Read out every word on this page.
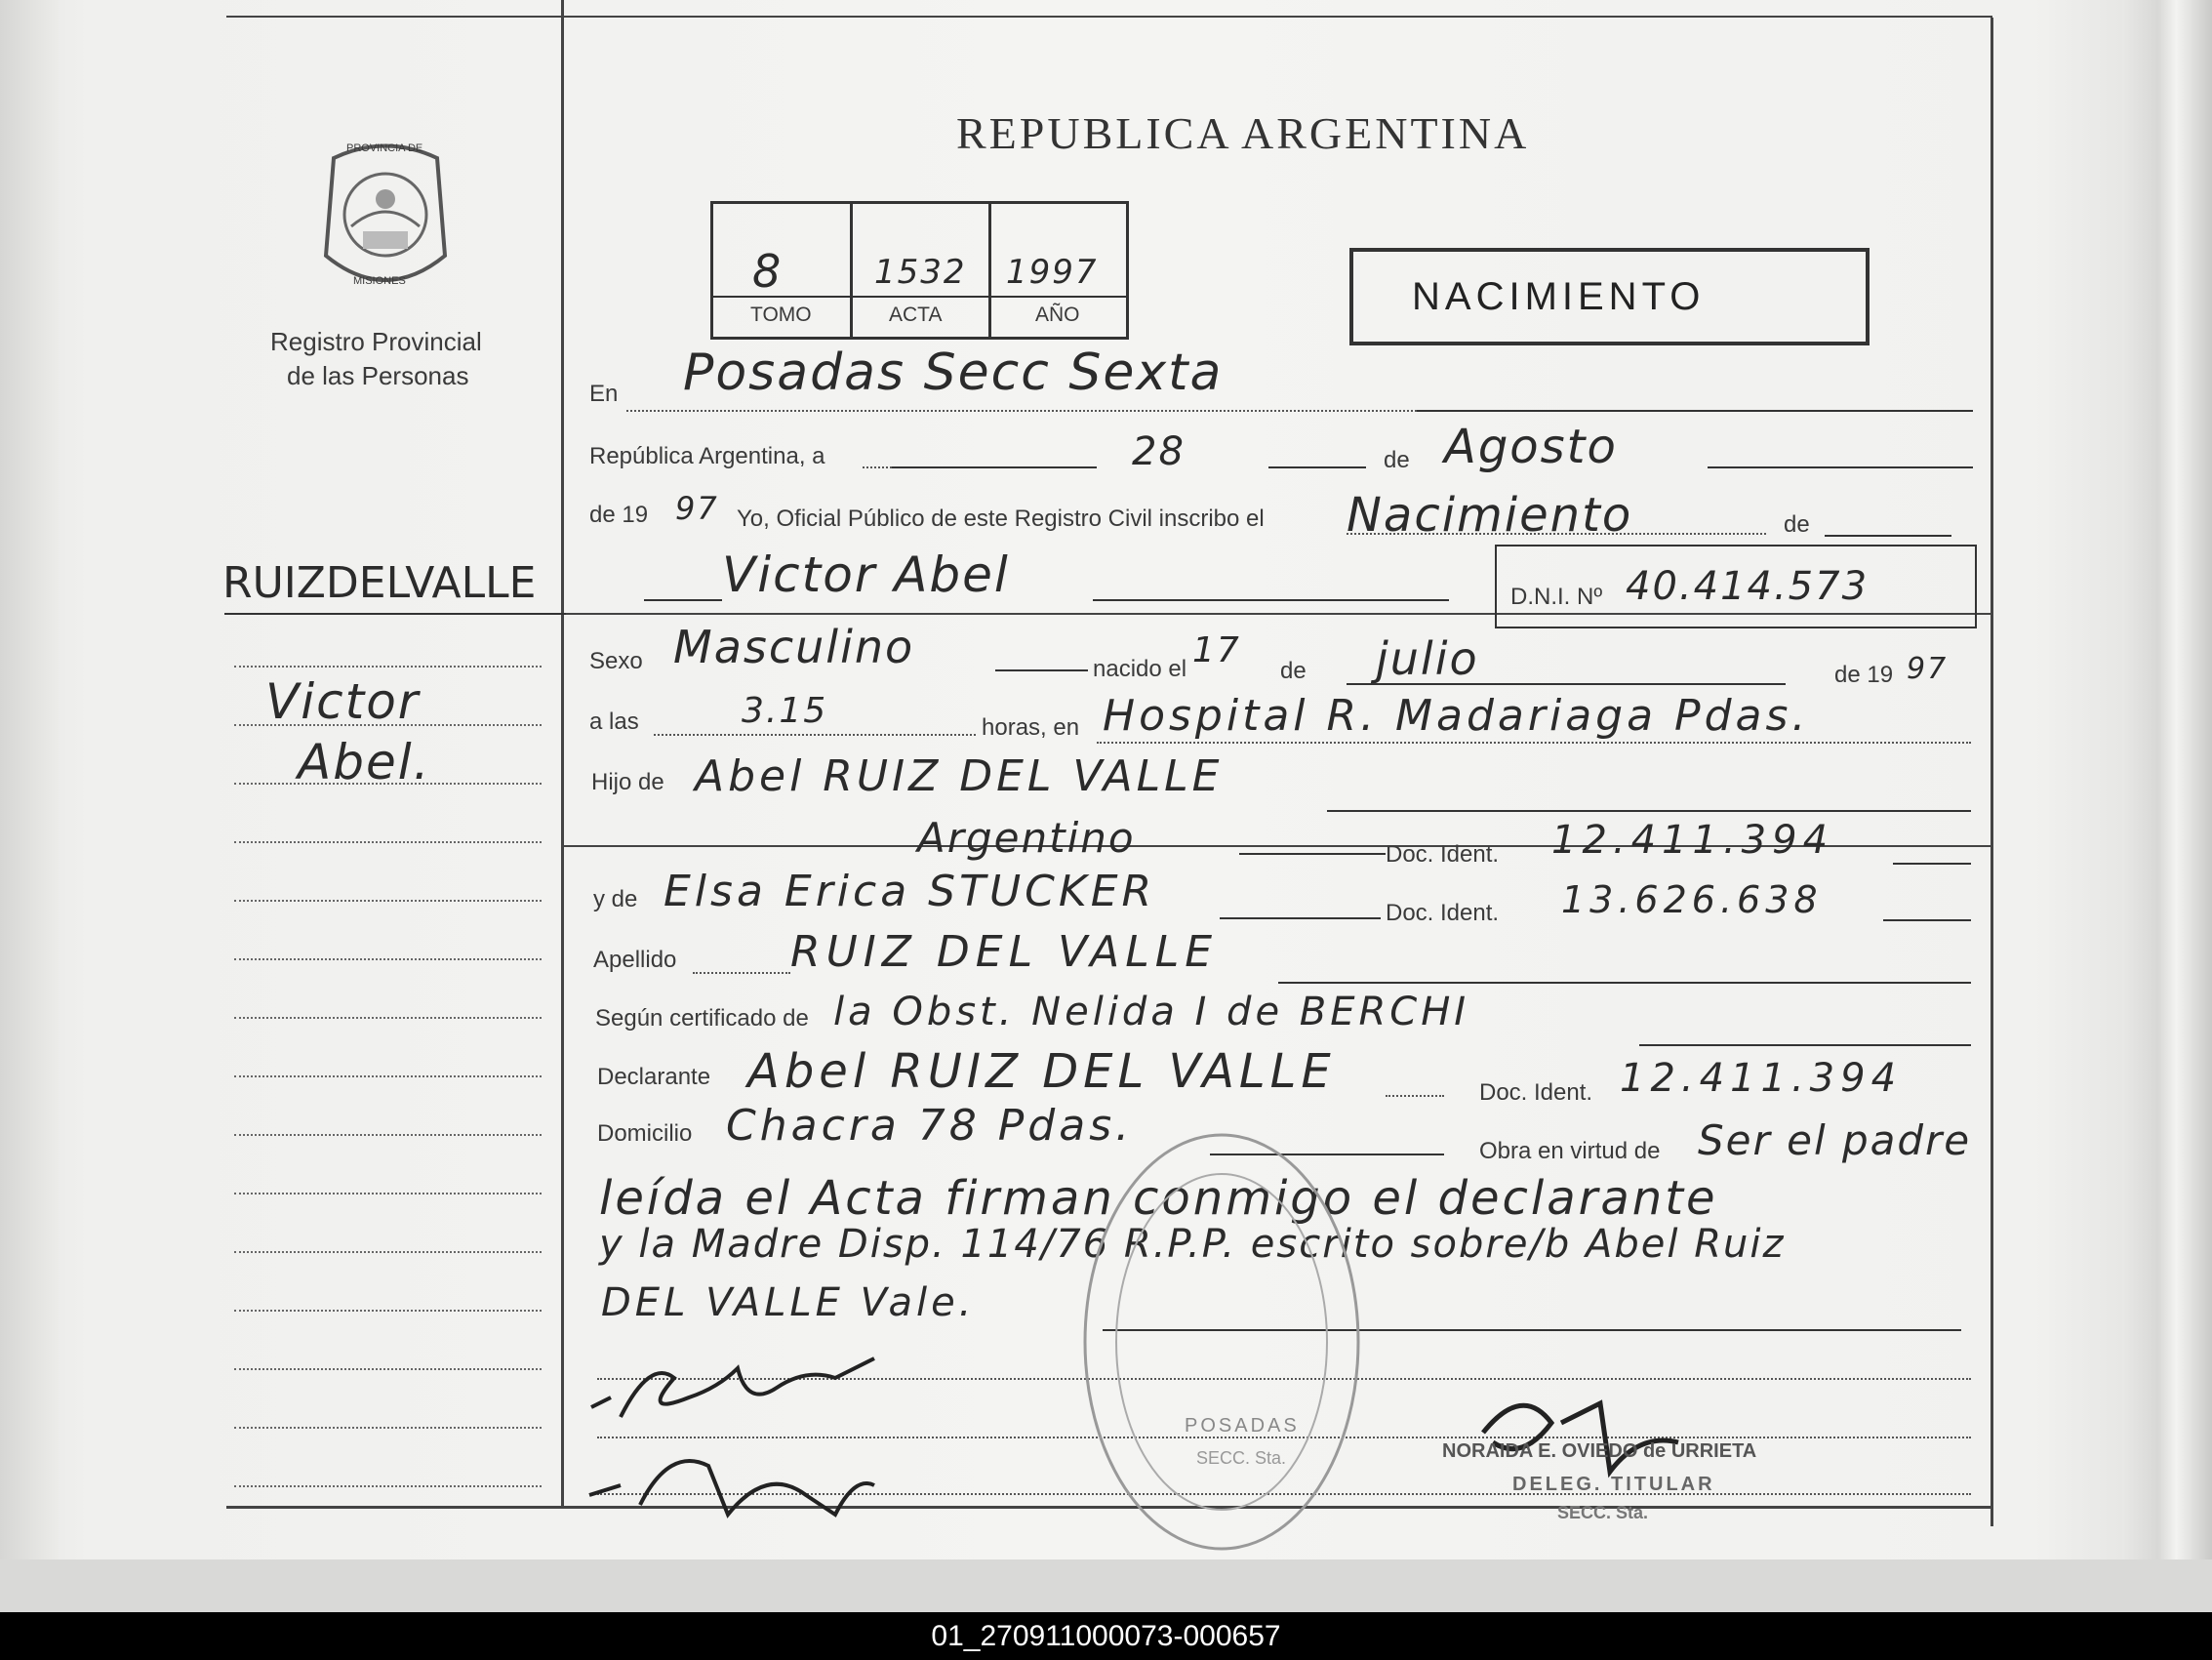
PROVINCIA DE
MISIONES
Registro Provincial
de las Personas
REPUBLICA ARGENTINA
8	1532 1997
TOMO	ACTA	AÑO	NACIMIENTO
En Posadas Secc Sexta
República Argentina, a	28	de Agosto
de 19 97 Yo, Oficial Público de este Registro Civil inscribo el Nacimiento	de
Victor Abel	D.N.I. Nº 40.414.573
RUIZDELVALLE
Victor
Abel.
Sexo Masculino	nacido el 17
de julio	de 19 97
a las	3.15	horas, en Hospital R. Madariaga Pdas.
Hijo de Abel RUIZ DEL VALLE
Argentino	Doc. Ident. 12.411.394
y de Elsa Erica STUCKER	Doc. Ident. 13.626.638
Apellido	RUIZ DEL VALLE
Según certificado de la Obst. Nelida I de BERCHI
Declarante Abel RUIZ DEL VALLE	Doc. Ident. 12.411.394
Domicilio Chacra 78 Pdas.
Obra en virtud de Ser el padre
leída el Acta firman conmigo el declarante
y la Madre Disp. 114/76 R.P.P. escrito sobre/b Abel Ruiz
DEL VALLE Vale.
POSADAS
SECC. Sta.	NORAIDA E. OVIEDO de URRIETA
DELEG. TITULAR
SECC. Sta.
01_270911000073-000657
